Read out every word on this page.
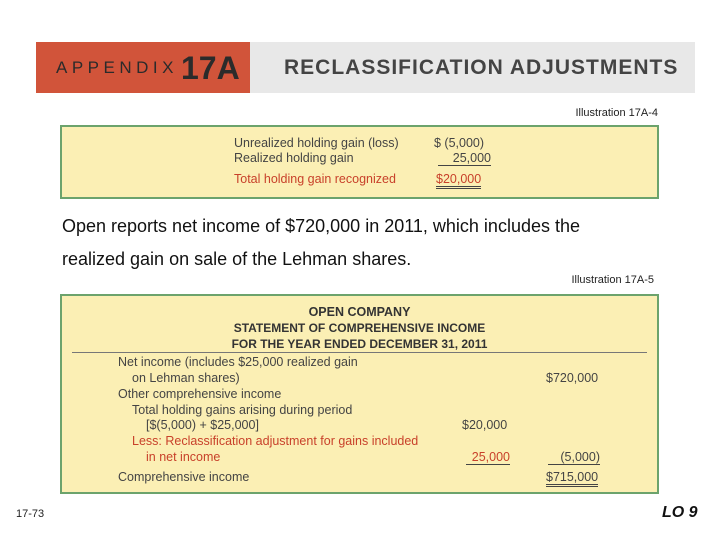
APPENDIX 17A RECLASSIFICATION ADJUSTMENTS
Illustration 17A-4
Unrealized holding gain (loss)	$ (5,000)
Realized holding gain	25,000
Total holding gain recognized	$20,000
Open reports net income of $720,000 in 2011, which includes the
realized gain on sale of the Lehman shares.
Illustration 17A-5
OPEN COMPANY
STATEMENT OF COMPREHENSIVE INCOME
FOR THE YEAR ENDED DECEMBER 31, 2011
Net income (includes $25,000 realized gain
on Lehman shares)	$720,000
Other comprehensive income
Total holding gains arising during period
[$(5,000) + $25,000]	$20,000
Less: Reclassification adjustment for gains included
in net income	25,000	(5,000)
Comprehensive income	$715,000
17-73	LO 9
